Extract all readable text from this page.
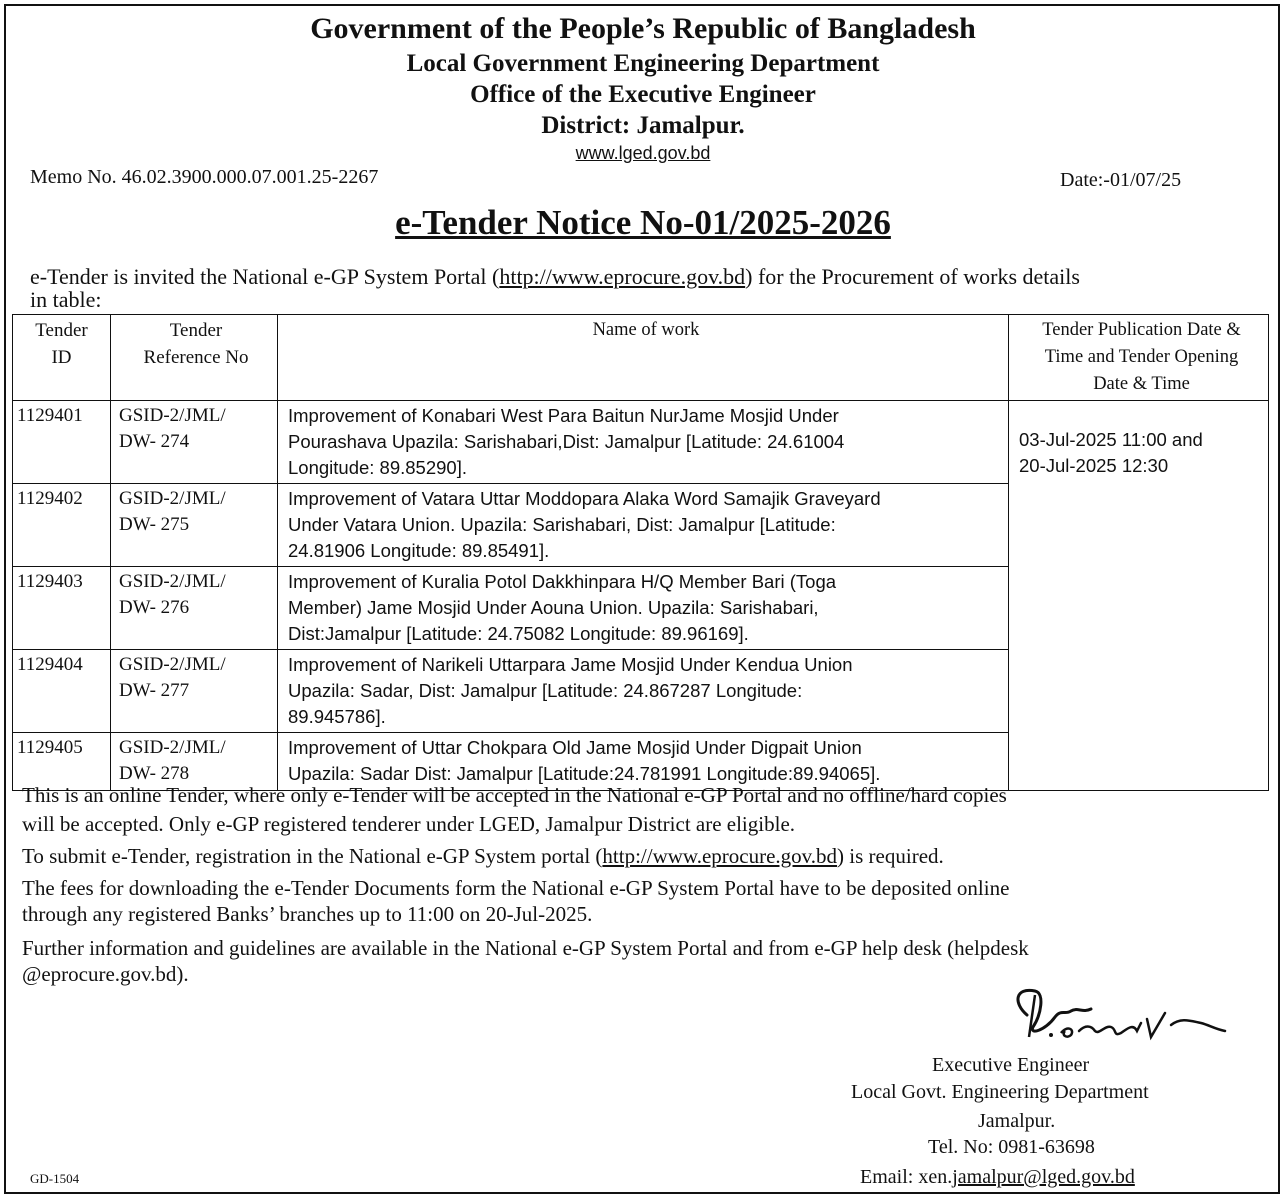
Government of the People’s Republic of Bangladesh
Local Government Engineering Department
Office of the Executive Engineer
District: Jamalpur.
www.lged.gov.bd
Memo No. 46.02.3900.000.07.001.25-2267	Date:-01/07/25
e-Tender Notice No-01/2025-2026
e-Tender is invited the National e-GP System Portal (http://www.eprocure.gov.bd) for the Procurement of works details
in table:
Tender
ID	Tender
Reference No	Name of work	Tender Publication Date &
Time and Tender Opening
Date & Time
1129401	GSID-2/JML/
DW- 274	Improvement of Konabari West Para Baitun NurJame Mosjid Under
Pourashava Upazila: Sarishabari,Dist: Jamalpur [Latitude: 24.61004
Longitude: 89.85290].	03-Jul-2025 11:00 and
20-Jul-2025 12:30

1129402	GSID-2/JML/
DW- 275	Improvement of Vatara Uttar Moddopara Alaka Word Samajik Graveyard
Under Vatara Union. Upazila: Sarishabari, Dist: Jamalpur [Latitude:
24.81906 Longitude: 89.85491].	

1129403	GSID-2/JML/
DW- 276	Improvement of Kuralia Potol Dakkhinpara H/Q Member Bari (Toga
Member) Jame Mosjid Under Aouna Union. Upazila: Sarishabari,
Dist:Jamalpur [Latitude: 24.75082 Longitude: 89.96169].	

1129404	GSID-2/JML/
DW- 277	Improvement of Narikeli Uttarpara Jame Mosjid Under Kendua Union
Upazila: Sadar, Dist: Jamalpur [Latitude: 24.867287 Longitude:
89.945786].	

1129405	GSID-2/JML/
DW- 278	Improvement of Uttar Chokpara Old Jame Mosjid Under Digpait Union
Upazila: Sadar Dist: Jamalpur [Latitude:24.781991 Longitude:89.94065].	
This is an online Tender, where only e-Tender will be accepted in the National e-GP Portal and no offline/hard copies
will be accepted. Only e-GP registered tenderer under LGED, Jamalpur District are eligible.
To submit e-Tender, registration in the National e-GP System portal (http://www.eprocure.gov.bd) is required.
The fees for downloading the e-Tender Documents form the National e-GP System Portal have to be deposited online
through any registered Banks’ branches up to 11:00 on 20-Jul-2025.
Further information and guidelines are available in the National e-GP System Portal and from e-GP help desk (helpdesk
@eprocure.gov.bd).
Executive Engineer
Local Govt. Engineering Department
Jamalpur.
Tel. No: 0981-63698
Email: xen.jamalpur@lged.gov.bd
GD-1504
